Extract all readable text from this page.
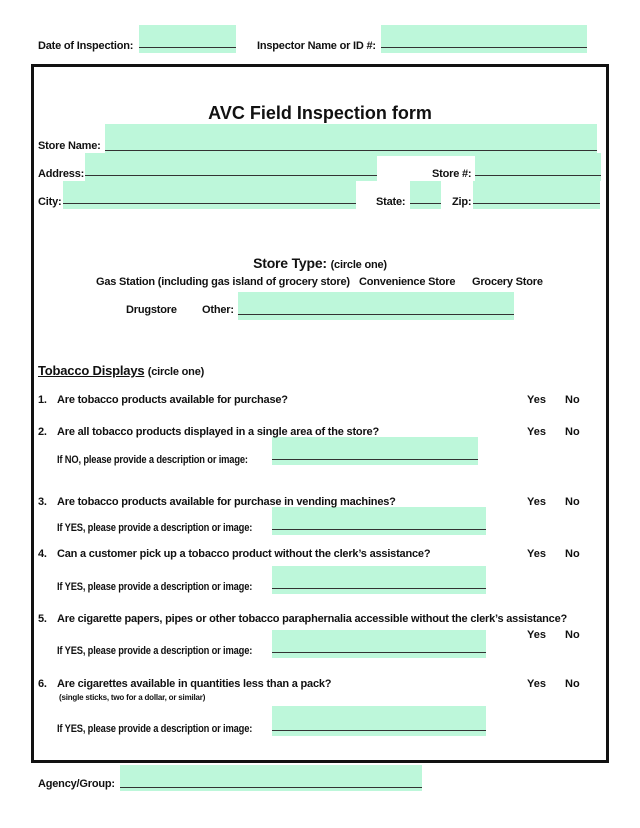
Date of Inspection:	Inspector Name or ID #:
AVC Field Inspection form
Store Name:
Address:	Store #:
City:	State:	Zip:
Store Type: (circle one)
Gas Station (including gas island of grocery store) Convenience Store Grocery Store
Drugstore Other:
Tobacco Displays (circle one)
1. Are tobacco products available for purchase?	Yes No
2. Are all tobacco products displayed in a single area of the store?	Yes No
If NO, please provide a description or image:
3. Are tobacco products available for purchase in vending machines?	Yes No
If YES, please provide a description or image:
4. Can a customer pick up a tobacco product without the clerk’s assistance?	Yes No
If YES, please provide a description or image:
5. Are cigarette papers, pipes or other tobacco paraphernalia accessible without the clerk’s assistance?
Yes No
If YES, please provide a description or image:
6. Are cigarettes available in quantities less than a pack?
(single sticks, two for a dollar, or similar)
Yes No
If YES, please provide a description or image:
Agency/Group:
